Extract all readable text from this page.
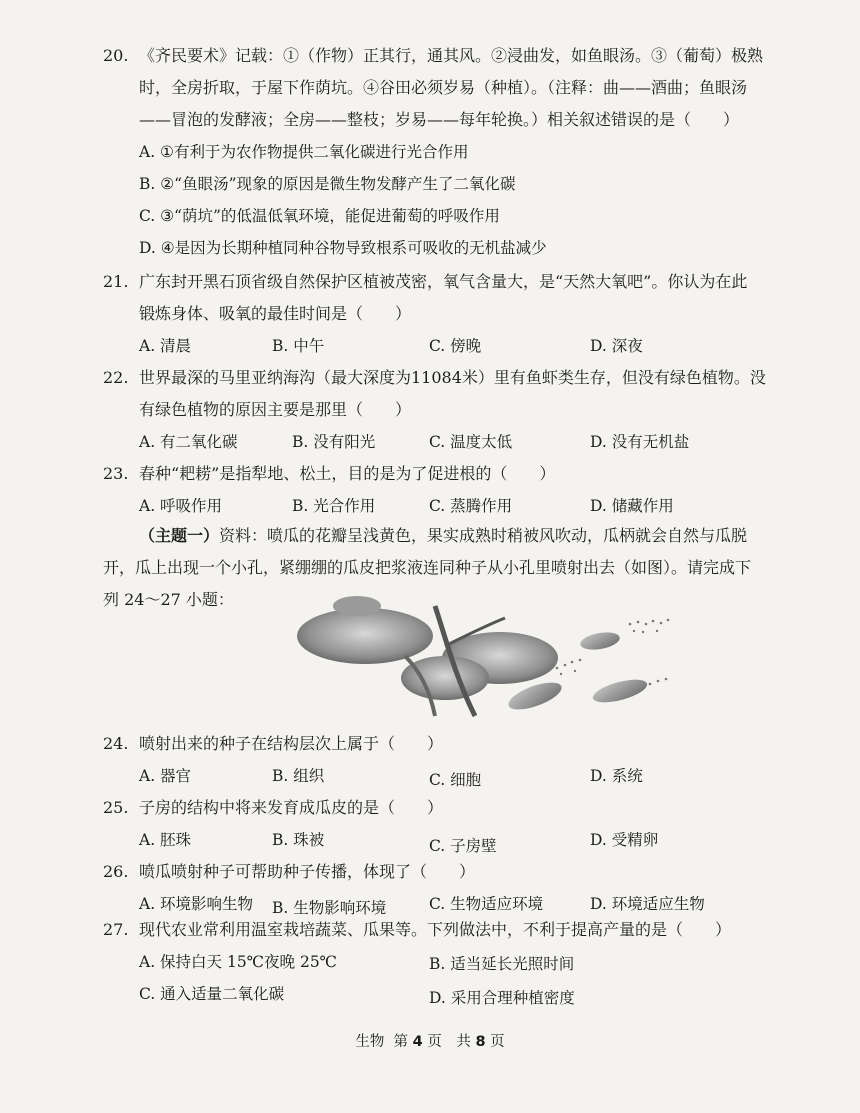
20. 《齐民要术》记载：①（作物）正其行，通其风。②浸曲发，如鱼眼汤。③（葡萄）极熟
时，全房折取，于屋下作荫坑。④谷田必须岁易（种植）。（注释：曲——酒曲；鱼眼汤
——冒泡的发酵液；全房——整枝；岁易——每年轮换。）相关叙述错误的是（　　）
A. ①有利于为农作物提供二氧化碳进行光合作用
B. ②“鱼眼汤”现象的原因是微生物发酵产生了二氧化碳
C. ③“荫坑”的低温低氧环境，能促进葡萄的呼吸作用
D. ④是因为长期种植同种谷物导致根系可吸收的无机盐减少
21. 广东封开黑石顶省级自然保护区植被茂密，氧气含量大，是“天然大氧吧”。你认为在此
锻炼身体、吸氧的最佳时间是（　　）
A. 清晨	B. 中午	C. 傍晚	D. 深夜
22. 世界最深的马里亚纳海沟（最大深度为11084米）里有鱼虾类生存，但没有绿色植物。没
有绿色植物的原因主要是那里（　　）
A. 有二氧化碳	B. 没有阳光	C. 温度太低	D. 没有无机盐
23. 春种“耙耢”是指犁地、松土，目的是为了促进根的（　　）
A. 呼吸作用	B. 光合作用	C. 蒸腾作用	D. 储藏作用
（主题一）资料：喷瓜的花瓣呈浅黄色，果实成熟时稍被风吹动，瓜柄就会自然与瓜脱
开，瓜上出现一个小孔，紧绷绷的瓜皮把浆液连同种子从小孔里喷射出去（如图）。请完成下
列 24～27 小题：
24. 喷射出来的种子在结构层次上属于（　　）
A. 器官	B. 组织	C. 细胞	D. 系统
25. 子房的结构中将来发育成瓜皮的是（　　）
A. 胚珠	B. 珠被	C. 子房壁	D. 受精卵
26. 喷瓜喷射种子可帮助种子传播，体现了（　　）
A. 环境影响生物 B. 生物影响环境	C. 生物适应环境	D. 环境适应生物
27. 现代农业常利用温室栽培蔬菜、瓜果等。下列做法中，不利于提高产量的是（　　）
A. 保持白天 15℃夜晚 25℃	B. 适当延长光照时间
C. 通入适量二氧化碳	D. 采用合理种植密度
生物 第 4 页　共 8 页
